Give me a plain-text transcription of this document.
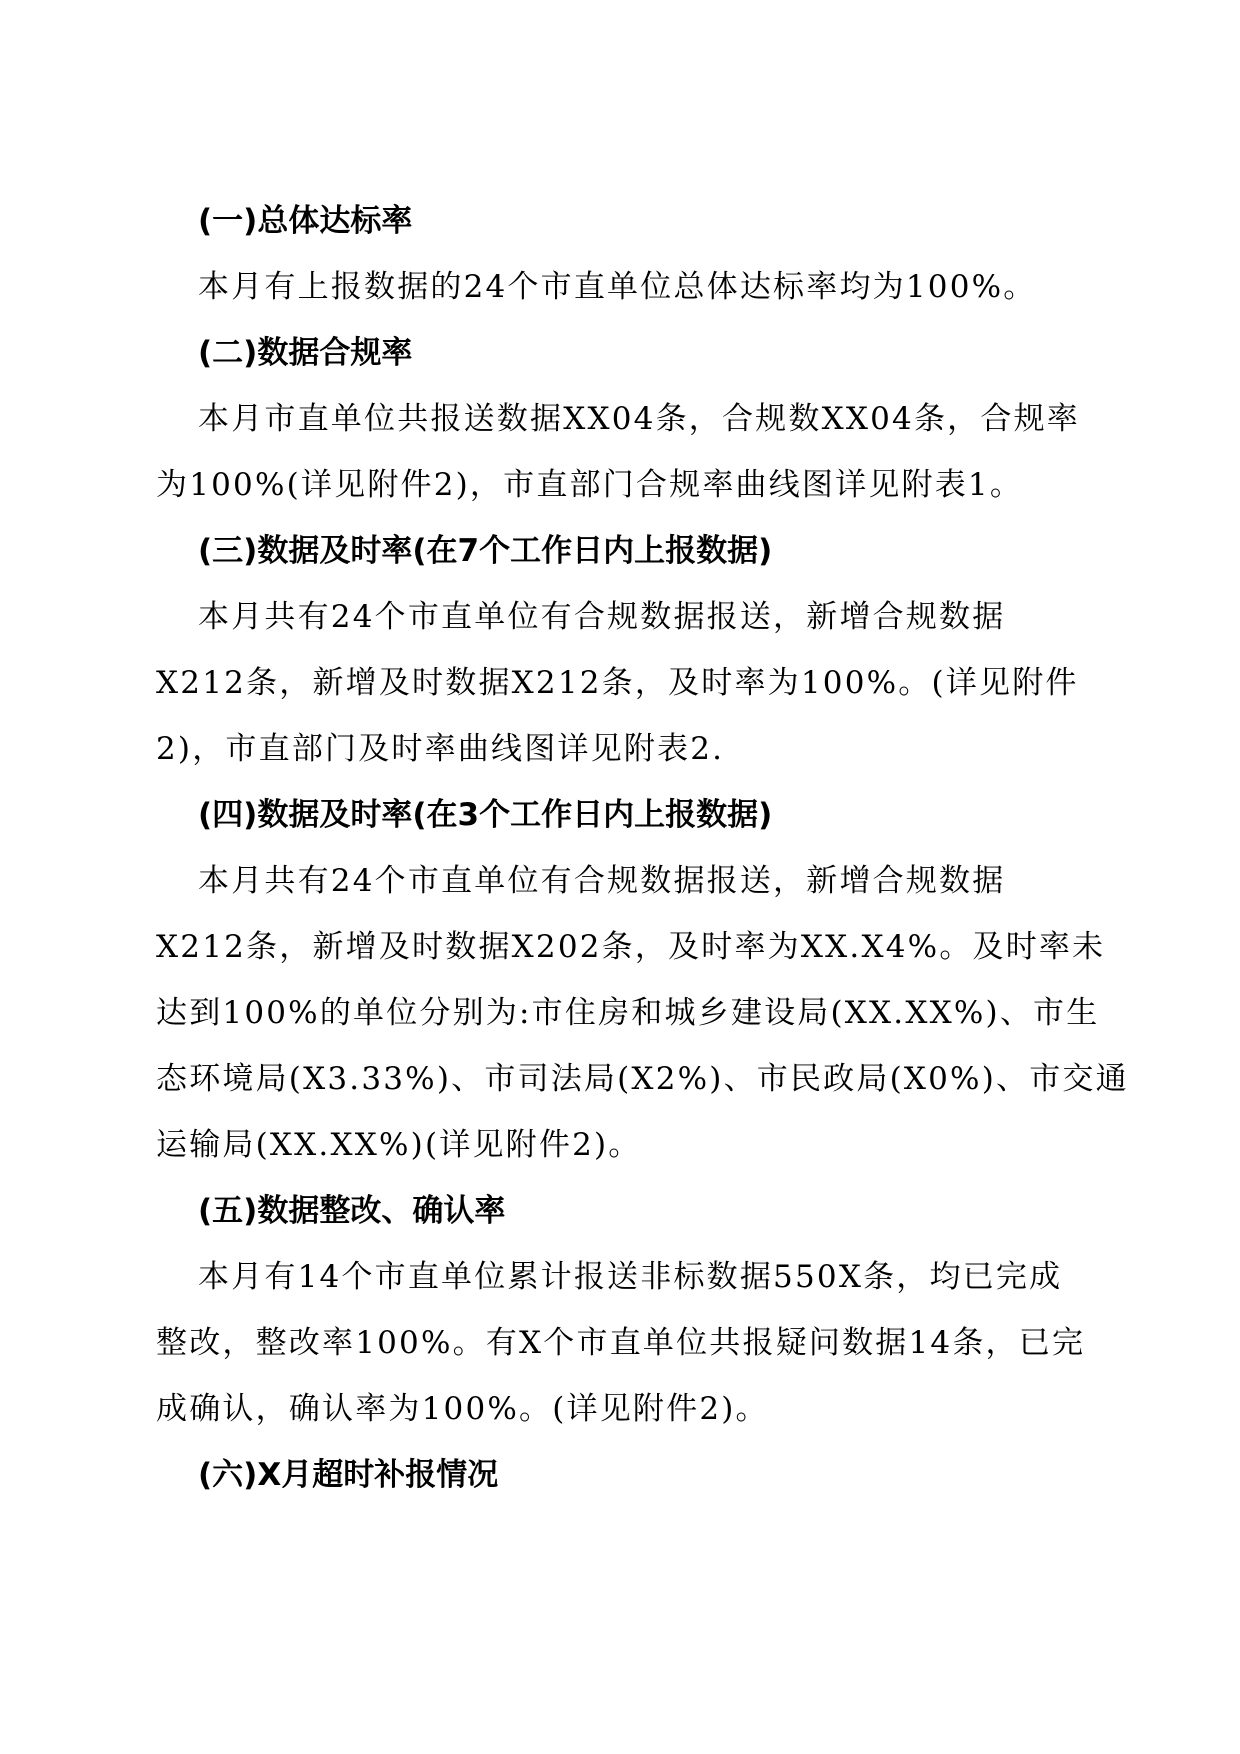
(一)总体达标率
本月有上报数据的24个市直单位总体达标率均为100%。
(二)数据合规率
本月市直单位共报送数据XX04条，合规数XX04条，合规率
为100%(详见附件2)，市直部门合规率曲线图详见附表1。
(三)数据及时率(在7个工作日内上报数据)
本月共有24个市直单位有合规数据报送，新增合规数据
X212条，新增及时数据X212条，及时率为100%。(详见附件
2)，市直部门及时率曲线图详见附表2.
(四)数据及时率(在3个工作日内上报数据)
本月共有24个市直单位有合规数据报送，新增合规数据
X212条，新增及时数据X202条，及时率为XX.X4%。及时率未
达到100%的单位分别为:市住房和城乡建设局(XX.XX%)、市生
态环境局(X3.33%)、市司法局(X2%)、市民政局(X0%)、市交通
运输局(XX.XX%)(详见附件2)。
(五)数据整改、确认率
本月有14个市直单位累计报送非标数据550X条，均已完成
整改，整改率100%。有X个市直单位共报疑问数据14条，已完
成确认，确认率为100%。(详见附件2)。
(六)X月超时补报情况
